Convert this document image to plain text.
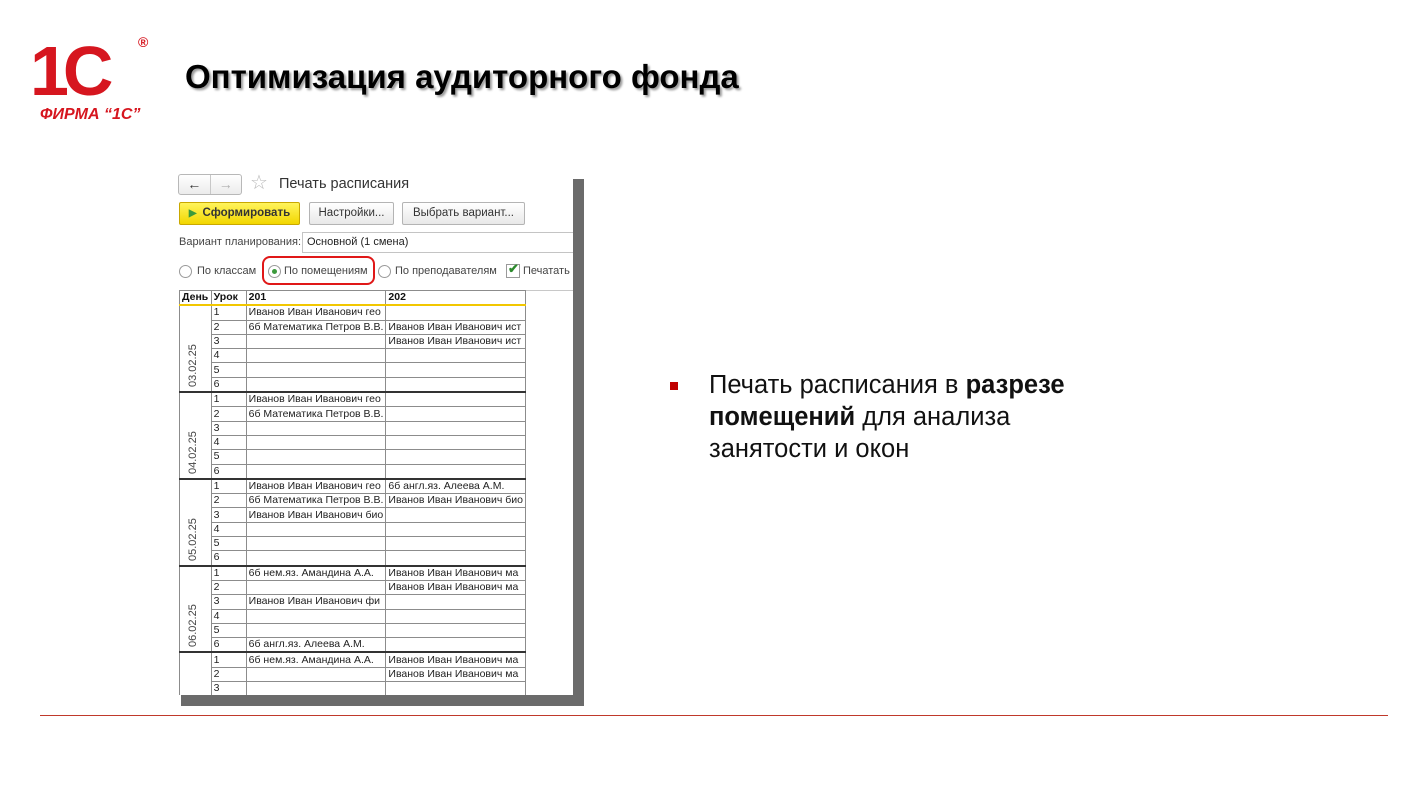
1С ®
ФИРМА “1С”
Оптимизация аудиторного фонда
←	→ ☆ Печать расписания
▶ Сформировать	Настройки...	Выбрать вариант...
Вариант планирования: Основной (1 смена)
По классам	По помещениям По преподавателям ✔ Печатать
День	Урок	201	202	

03.02.25	1	Иванов Иван Иванович гео		
	2	6б Математика Петров В.В.	Иванов Иван Иванович ист	
	3		Иванов Иван Иванович ист	
	4			
	5			
	6			

04.02.25	1	Иванов Иван Иванович гео		
	2	6б Математика Петров В.В.		
	3			
	4			
	5			
	6			

05.02.25	1	Иванов Иван Иванович гео	6б англ.яз. Алеева А.М.	
	2	6б Математика Петров В.В.	Иванов Иван Иванович био	
	3	Иванов Иван Иванович био		
	4			
	5			
	6			

06.02.25	1	6б нем.яз. Амандина А.А.	Иванов Иван Иванович ма	
	2		Иванов Иван Иванович ма	
	3	Иванов Иван Иванович фи		
	4			
	5			
	6	6б англ.яз. Алеева А.М.		

	1	6б нем.яз. Амандина А.А.	Иванов Иван Иванович ма	
	2		Иванов Иван Иванович ма	
	3			
Печать расписания в разрезе помещений для анализа занятости и окон
